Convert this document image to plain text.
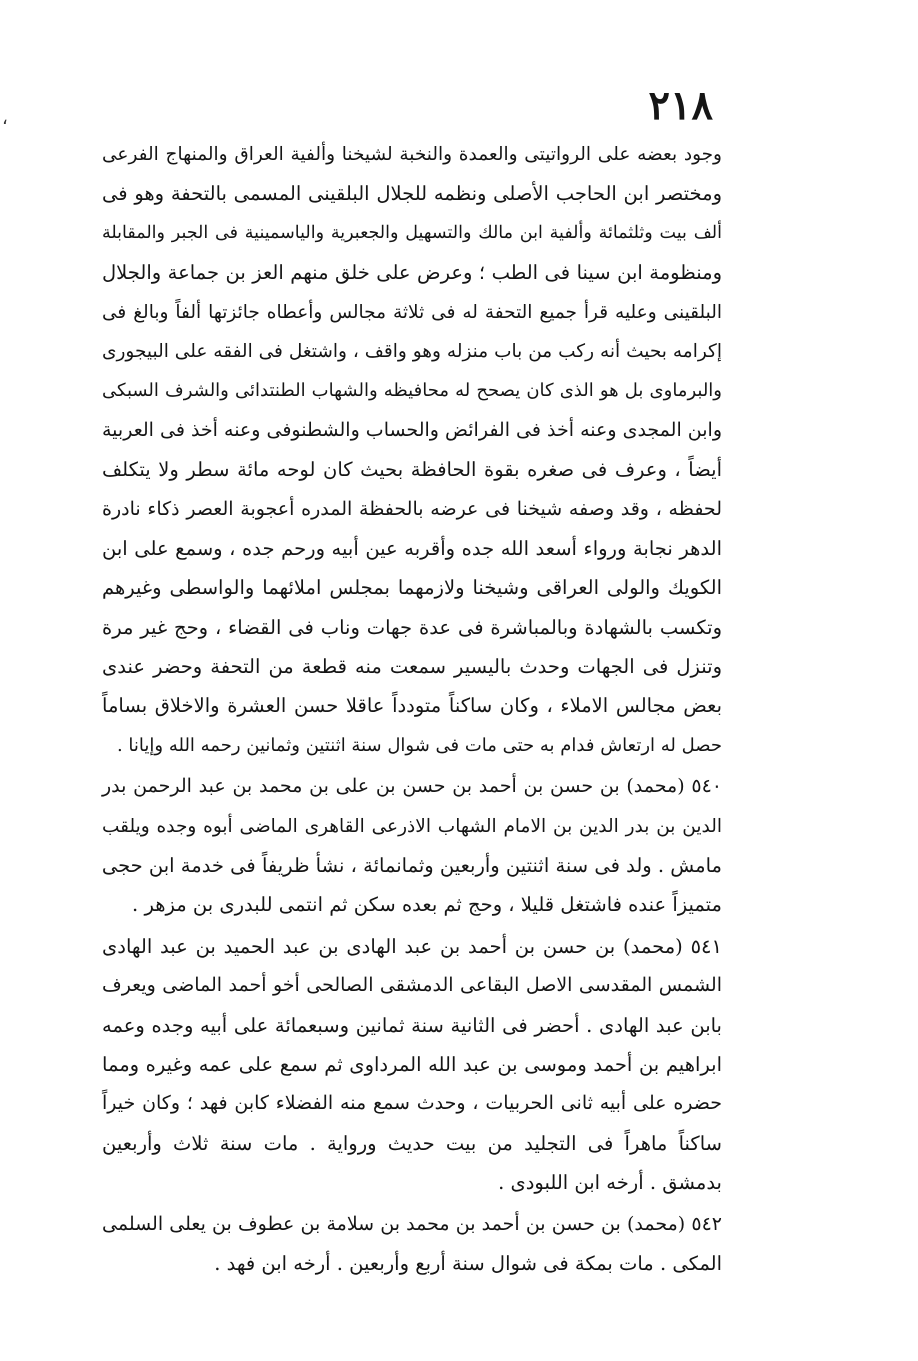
،	٢١٨
وجود بعضه على الرواتيتى والعمدة والنخبة لشيخنا وألفية العراق والمنهاج الفرعى
ومختصر ابن الحاجب الأصلى ونظمه للجلال البلقينى المسمى بالتحفة وهو فى
ألف بيت وثلثمائة وألفية ابن مالك والتسهيل والجعبرية والياسمينية فى الجبر والمقابلة
ومنظومة ابن سينا فى الطب ؛ وعرض على خلق منهم العز بن جماعة والجلال
البلقينى وعليه قرأ جميع التحفة له فى ثلاثة مجالس وأعطاه جائزتها ألفاً وبالغ فى
إكرامه بحيث أنه ركب من باب منزله وهو واقف ، واشتغل فى الفقه على البيجورى
والبرماوى بل هو الذى كان يصحح له محافيظه والشهاب الطنتدائى والشرف السبكى
وابن المجدى وعنه أخذ فى الفرائض والحساب والشطنوفى وعنه أخذ فى العربية
أيضاً ، وعرف فى صغره بقوة الحافظة بحيث كان لوحه مائة سطر ولا يتكلف
لحفظه ، وقد وصفه شيخنا فى عرضه بالحفظة المدره أعجوبة العصر ذكاء نادرة
الدهر نجابة ورواء أسعد الله جده وأقربه عين أبيه ورحم جده ، وسمع على ابن
الكويك والولى العراقى وشيخنا ولازمهما بمجلس املائهما والواسطى وغيرهم
وتكسب بالشهادة وبالمباشرة فى عدة جهات وناب فى القضاء ، وحج غير مرة
وتنزل فى الجهات وحدث باليسير سمعت منه قطعة من التحفة وحضر عندى
بعض مجالس الاملاء ، وكان ساكناً متودداً عاقلا حسن العشرة والاخلاق بساماً
حصل له ارتعاش فدام به حتى مات فى شوال سنة اثنتين وثمانين رحمه الله وإيانا .
٥٤٠ (محمد) بن حسن بن أحمد بن حسن بن على بن محمد بن عبد الرحمن بدر
الدين بن بدر الدين بن الامام الشهاب الاذرعى القاهرى الماضى أبوه وجده ويلقب
مامش . ولد فى سنة اثنتين وأربعين وثمانمائة ، نشأ ظريفاً فى خدمة ابن حجى
متميزاً عنده فاشتغل قليلا ، وحج ثم بعده سكن ثم انتمى للبدرى بن مزهر .
٥٤١ (محمد) بن حسن بن أحمد بن عبد الهادى بن عبد الحميد بن عبد الهادى
الشمس المقدسى الاصل البقاعى الدمشقى الصالحى أخو أحمد الماضى ويعرف
بابن عبد الهادى . أحضر فى الثانية سنة ثمانين وسبعمائة على أبيه وجده وعمه
ابراهيم بن أحمد وموسى بن عبد الله المرداوى ثم سمع على عمه وغيره ومما
حضره على أبيه ثانى الحربيات ، وحدث سمع منه الفضلاء كابن فهد ؛ وكان خيراً
ساكناً ماهراً فى التجليد من بيت حديث ورواية . مات سنة ثلاث وأربعين
بدمشق . أرخه ابن اللبودى .
٥٤٢ (محمد) بن حسن بن أحمد بن محمد بن سلامة بن عطوف بن يعلى السلمى
المكى . مات بمكة فى شوال سنة أربع وأربعين . أرخه ابن فهد .
